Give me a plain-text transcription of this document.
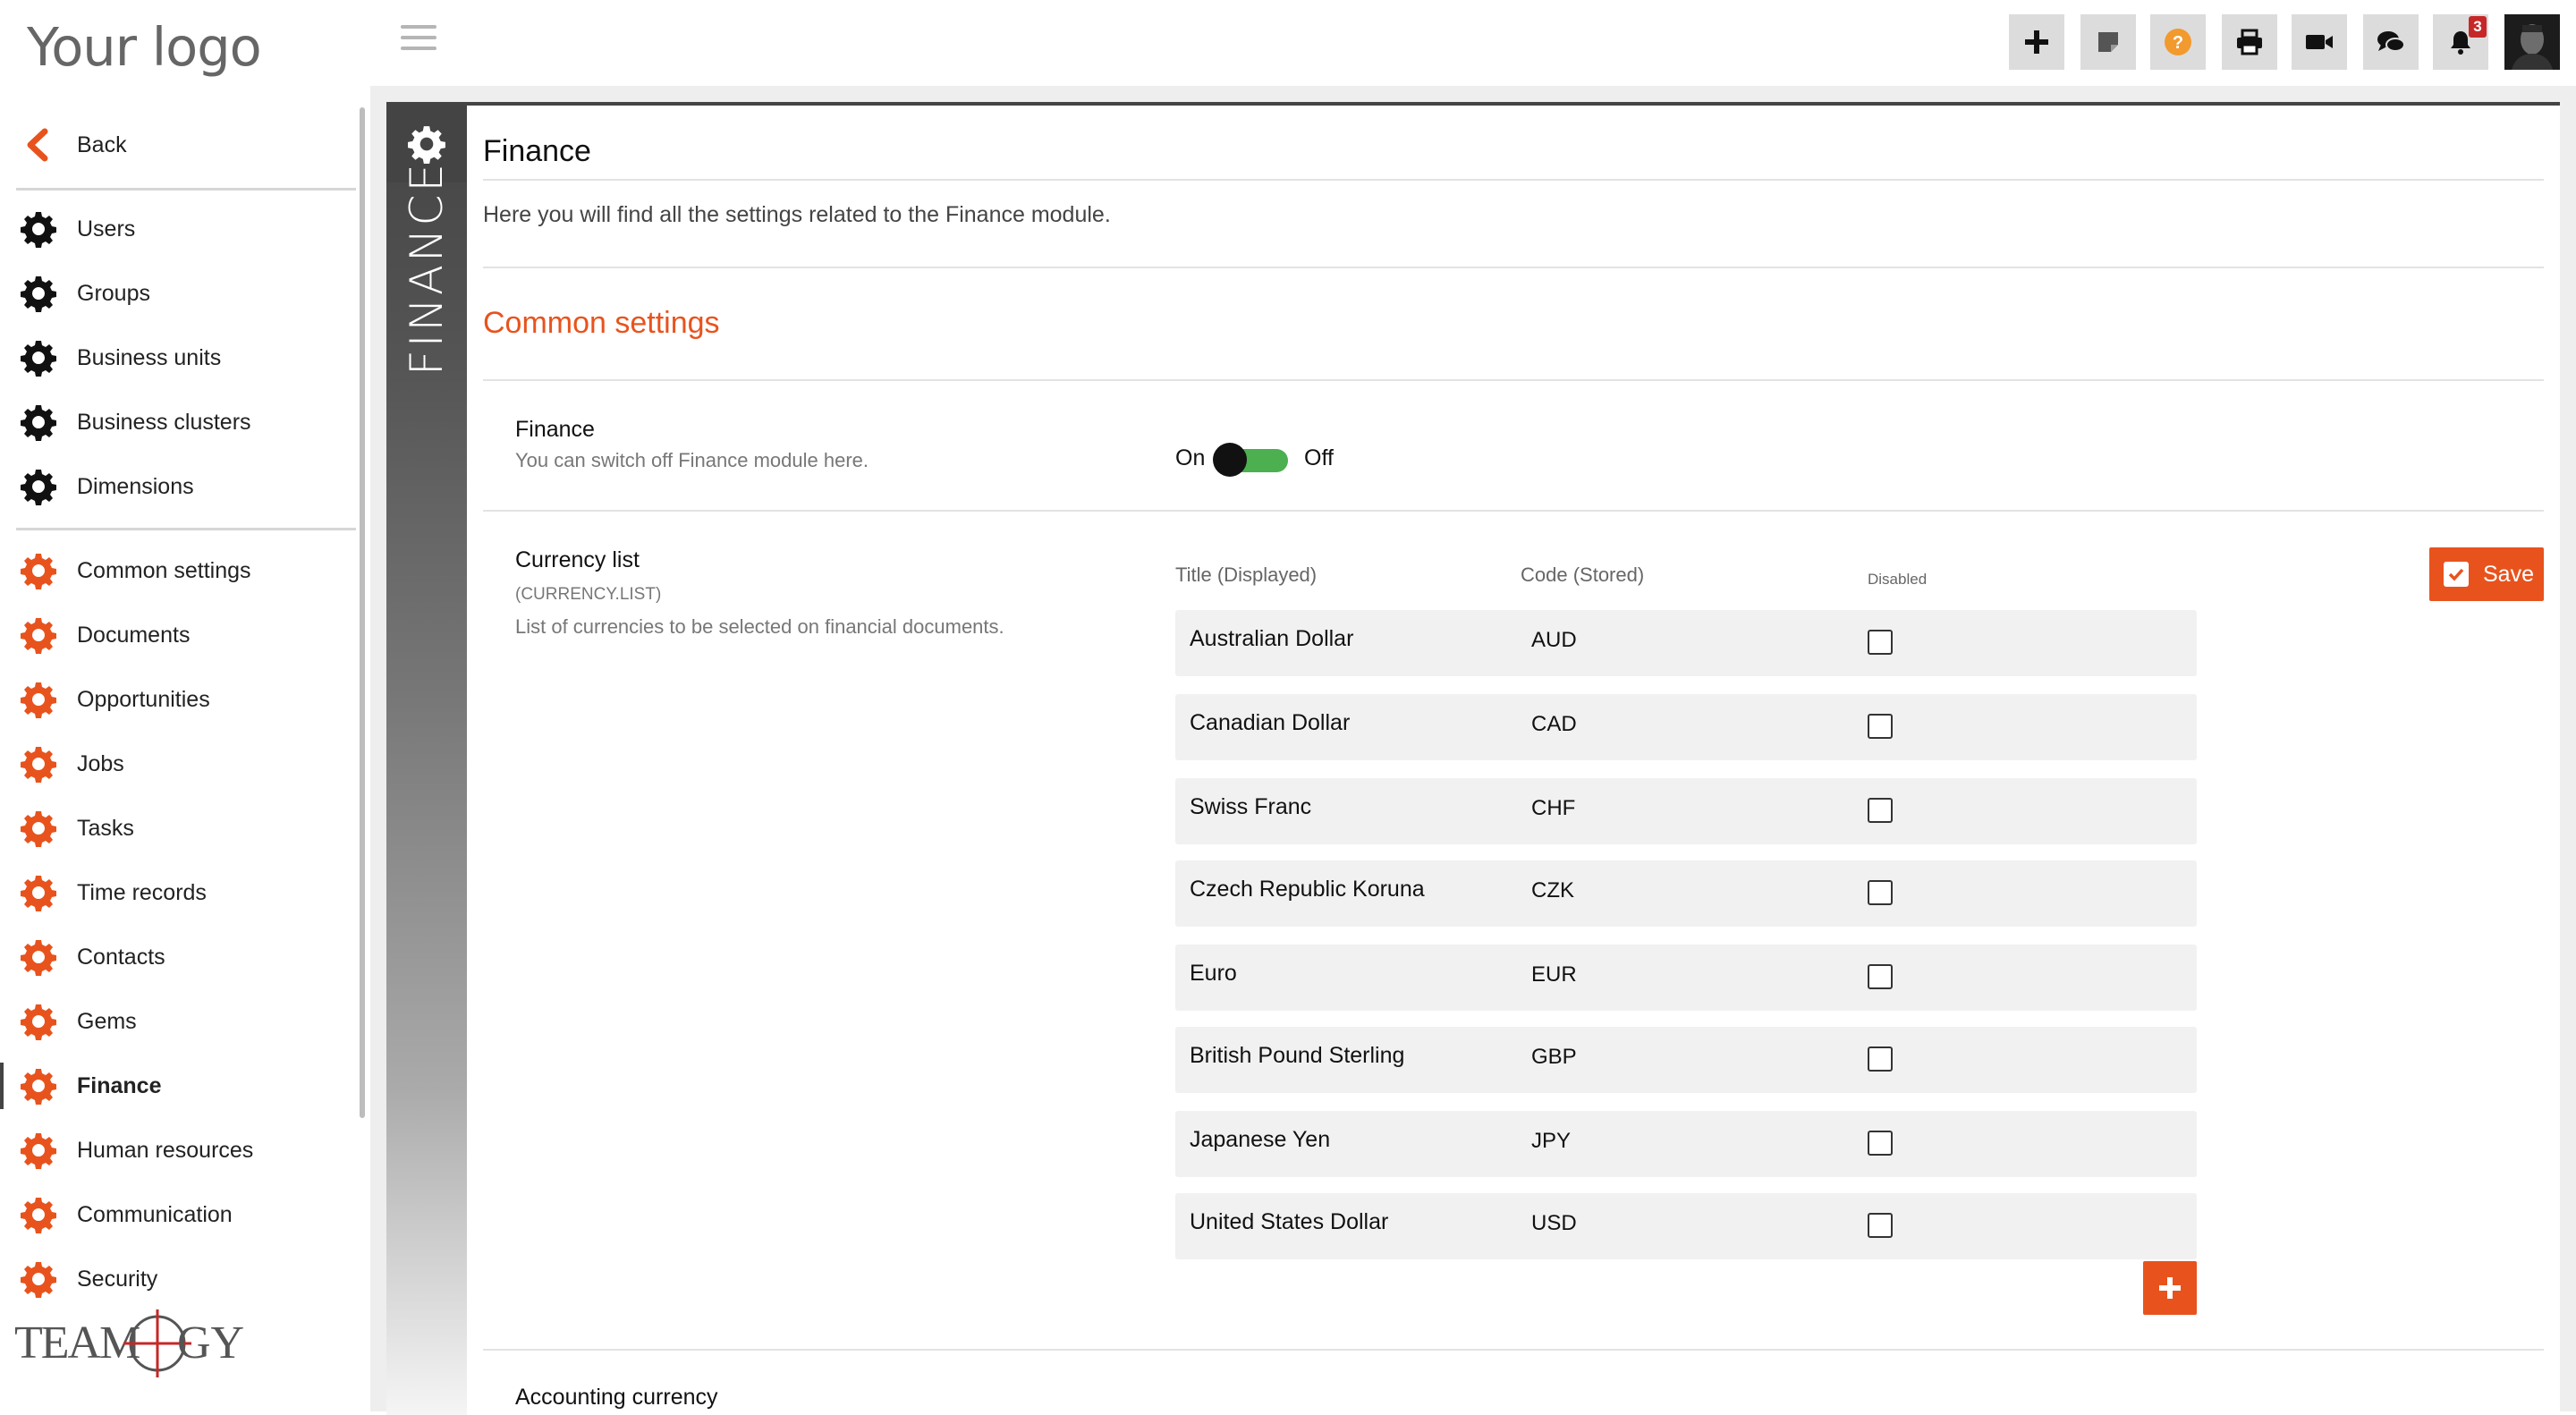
Your logo
Back
Users
Groups
Business units
Business clusters
Dimensions
Common settings
Documents
Opportunities
Jobs
Tasks
Time records
Contacts
Gems
Finance
Human resources
Communication
Security
TEAM GY
?
3
FINANCE
Finance
Here you will find all the settings related to the Finance module.
Common settings
Finance
You can switch off Finance module here.	On	Off
Currency list
(CURRENCY.LIST)
List of currencies to be selected on financial documents.
Title (Displayed)	Code (Stored)	Disabled	Save
Australian Dollar	AUD
Canadian Dollar	CAD
Swiss Franc	CHF
Czech Republic Koruna	CZK
Euro	EUR
British Pound Sterling	GBP
Japanese Yen	JPY
United States Dollar	USD
Accounting currency
